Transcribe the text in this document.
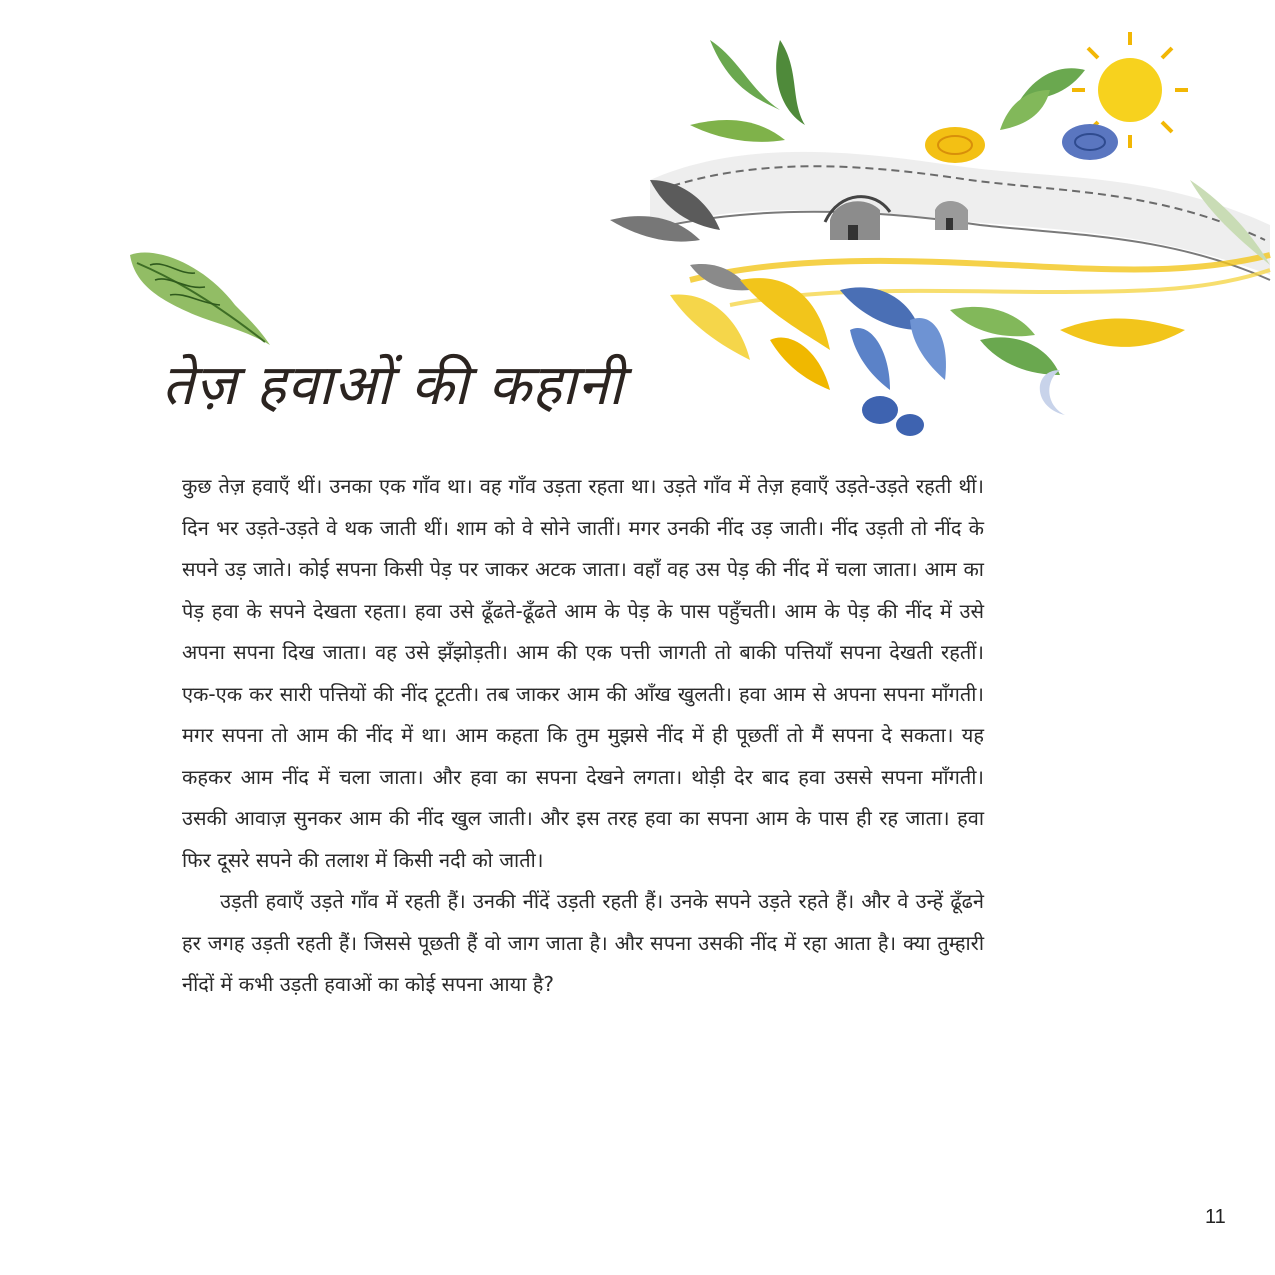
तेज़ हवाओं की कहानी

कुछ तेज़ हवाएँ थीं। उनका एक गाँव था। वह गाँव उड़ता रहता था। उड़ते गाँव में तेज़ हवाएँ उड़ते-उड़ते रहती थीं। दिन भर उड़ते-उड़ते वे थक जाती थीं। शाम को वे सोने जातीं। मगर उनकी नींद उड़ जाती। नींद उड़ती तो नींद के सपने उड़ जाते। कोई सपना किसी पेड़ पर जाकर अटक जाता। वहाँ वह उस पेड़ की नींद में चला जाता। आम का पेड़ हवा के सपने देखता रहता। हवा उसे ढूँढते-ढूँढते आम के पेड़ के पास पहुँचती। आम के पेड़ की नींद में उसे अपना सपना दिख जाता। वह उसे झँझोड़ती। आम की एक पत्ती जागती तो बाकी पत्तियाँ सपना देखती रहतीं। एक-एक कर सारी पत्तियों की नींद टूटती। तब जाकर आम की आँख खुलती। हवा आम से अपना सपना माँगती। मगर सपना तो आम की नींद में था। आम कहता कि तुम मुझसे नींद में ही पूछतीं तो मैं सपना दे सकता। यह कहकर आम नींद में चला जाता। और हवा का सपना देखने लगता। थोड़ी देर बाद हवा उससे सपना माँगती। उसकी आवाज़ सुनकर आम की नींद खुल जाती। और इस तरह हवा का सपना आम के पास ही रह जाता। हवा फिर दूसरे सपने की तलाश में किसी नदी को जाती।

उड़ती हवाएँ उड़ते गाँव में रहती हैं। उनकी नींदें उड़ती रहती हैं। उनके सपने उड़ते रहते हैं। और वे उन्हें ढूँढने हर जगह उड़ती रहती हैं। जिससे पूछती हैं वो जाग जाता है। और सपना उसकी नींद में रहा आता है। क्या तुम्हारी नींदों में कभी उड़ती हवाओं का कोई सपना आया है?

11
